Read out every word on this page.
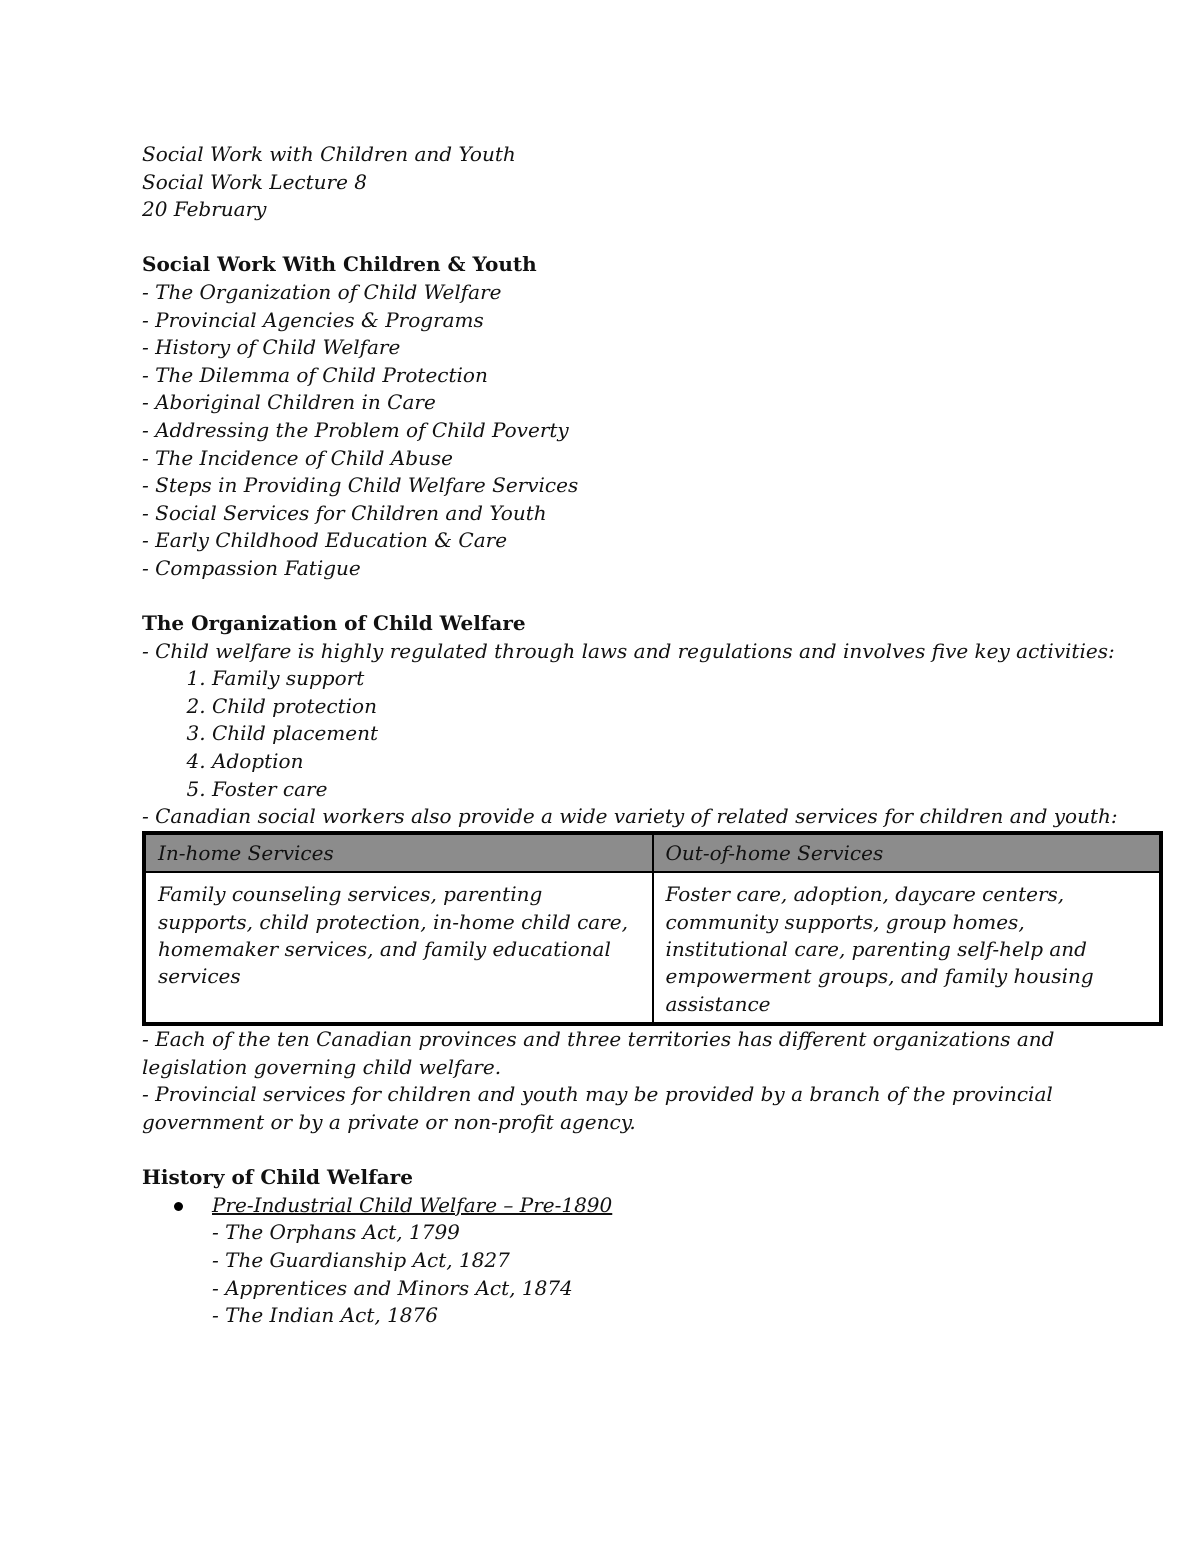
Social Work with Children and Youth
Social Work Lecture 8
20 February
Social Work With Children & Youth
- The Organization of Child Welfare
- Provincial Agencies & Programs
- History of Child Welfare
- The Dilemma of Child Protection
- Aboriginal Children in Care
- Addressing the Problem of Child Poverty
- The Incidence of Child Abuse
- Steps in Providing Child Welfare Services
- Social Services for Children and Youth
- Early Childhood Education & Care
- Compassion Fatigue
The Organization of Child Welfare
- Child welfare is highly regulated through laws and regulations and involves five key activities:
1. Family support
2. Child protection
3. Child placement
4. Adoption
5. Foster care
- Canadian social workers also provide a wide variety of related services for children and youth:
In-home Services	Out-of-home Services
Family counseling services, parenting supports, child protection, in-home child care, homemaker services, and family educational services	Foster care, adoption, daycare centers, community supports, group homes, institutional care, parenting self-help and empowerment groups, and family housing assistance
- Each of the ten Canadian provinces and three territories has different organizations and legislation governing child welfare.
- Provincial services for children and youth may be provided by a branch of the provincial government or by a private or non-profit agency.
History of Child Welfare
Pre-Industrial Child Welfare – Pre-1890
- The Orphans Act, 1799
- The Guardianship Act, 1827
- Apprentices and Minors Act, 1874
- The Indian Act, 1876
